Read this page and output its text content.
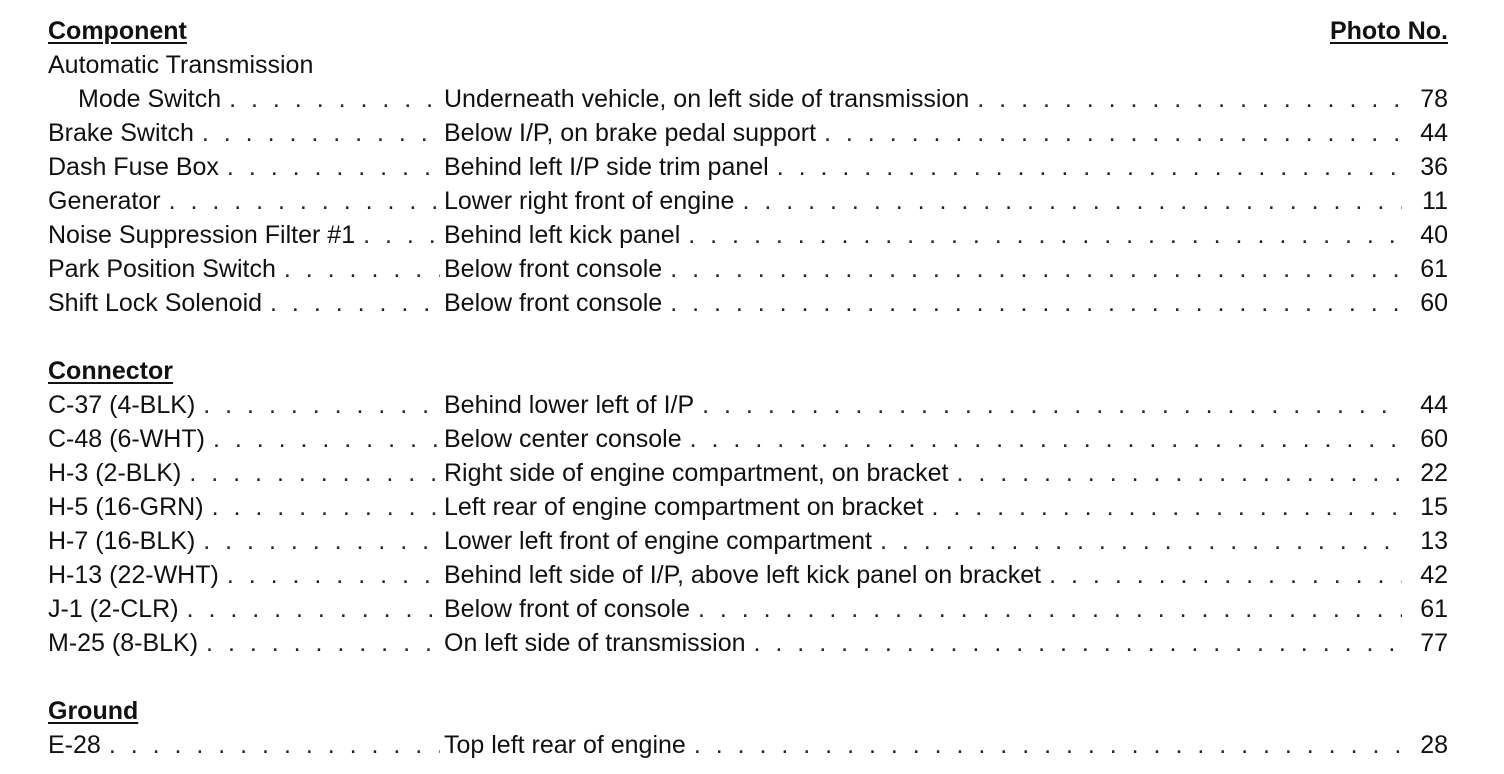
Component	Photo No.
Automatic Transmission
Mode Switch . . .	Underneath vehicle, on left side of transmission . . .	78
Brake Switch . . .	Below I/P, on brake pedal support . . .	44
Dash Fuse Box . . .	Behind left I/P side trim panel . . .	36
Generator . . .	Lower right front of engine . . .	11
Noise Suppression Filter #1 . . .	Behind left kick panel . . .	40
Park Position Switch . . .	Below front console . . .	61
Shift Lock Solenoid . . .	Below front console . . .	60
Connector
C-37 (4-BLK) . . .	Behind lower left of I/P . . .	44
C-48 (6-WHT) . . .	Below center console . . .	60
H-3 (2-BLK) . . .	Right side of engine compartment, on bracket . . .	22
H-5 (16-GRN) . . .	Left rear of engine compartment on bracket . . .	15
H-7 (16-BLK) . . .	Lower left front of engine compartment . . .	13
H-13 (22-WHT) . . .	Behind left side of I/P, above left kick panel on bracket . . .	42
J-1 (2-CLR) . . .	Below front of console . . .	61
M-25 (8-BLK) . . .	On left side of transmission . . .	77
Ground
E-28 . . .	Top left rear of engine . . .	28
